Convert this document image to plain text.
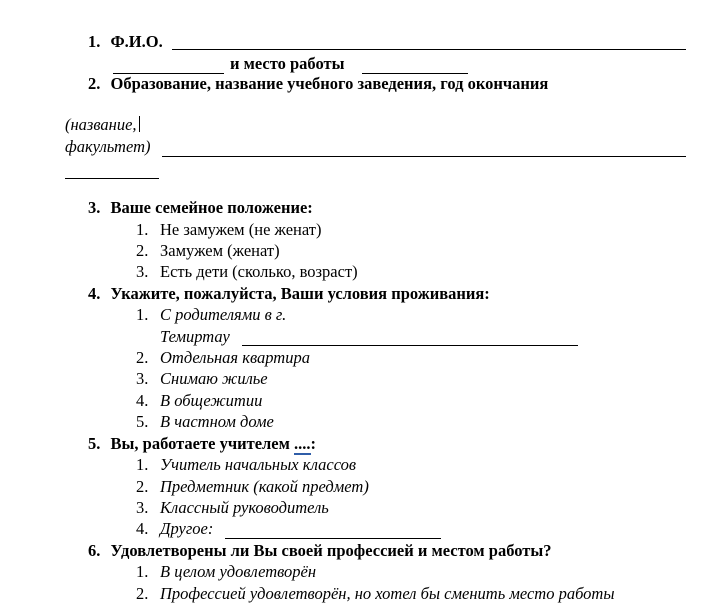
1. Ф.И.О.
и место работы
2. Образование, название учебного заведения, год окончания
(название,
факультет)
3. Ваше семейное положение:
1. Не замужем (не женат)
2. Замужем (женат)
3. Есть дети (сколько, возраст)
4. Укажите, пожалуйста, Ваши условия проживания:
1. С родителями в г.
Темиртау
2. Отдельная квартира
3. Снимаю жилье
4. В общежитии
5. В частном доме
5. Вы, работаете учителем ....:
1. Учитель начальных классов
2. Предметник (какой предмет)
3. Классный руководитель
4. Другое:
6. Удовлетворены ли Вы своей профессией и местом работы?
1. В целом удовлетворён
2. Профессией удовлетворён, но хотел бы сменить место работы
